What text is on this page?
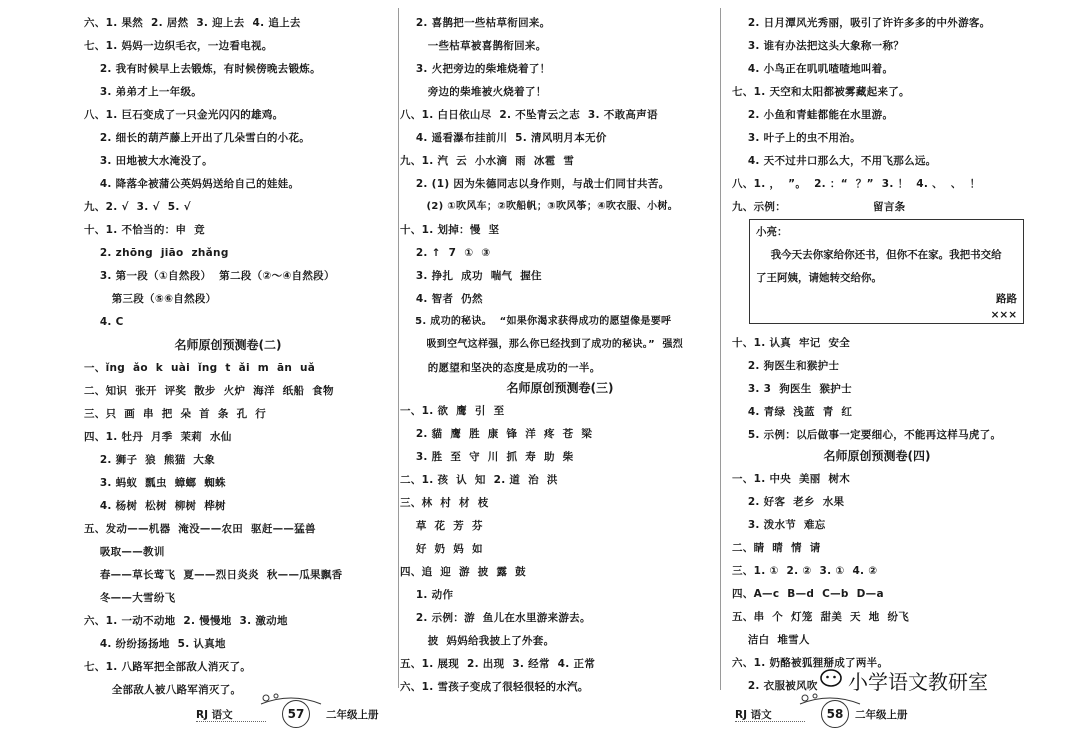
六、1. 果然  2. 居然  3. 迎上去  4. 追上去
七、1. 妈妈一边织毛衣，一边看电视。
2. 我有时候早上去锻炼，有时候傍晚去锻炼。
3. 弟弟才上一年级。
八、1. 巨石变成了一只金光闪闪的雄鸡。
2. 细长的葫芦藤上开出了几朵雪白的小花。
3. 田地被大水淹没了。
4. 降落伞被蒲公英妈妈送给自己的娃娃。
九、2. √  3. √  5. √
十、1. 不恰当的：申  竞
2. zhōng  jiāo  zhǎng
3. 第一段（①自然段）  第二段（②～④自然段）
第三段（⑤⑥自然段）
4. C
名师原创预测卷(二)
一、ǐng  ǎo  k  uài  ǐng  t  ǎi  m  ān  uǎ
二、知识  张开  评奖  散步  火炉  海洋  纸船  食物
三、只  画  串  把  朵  首  条  孔  行
四、1. 牡丹  月季  茉莉  水仙
2. 狮子  狼  熊猫  大象
3. 蚂蚁  瓢虫  蟑螂  蜘蛛
4. 杨树  松树  柳树  桦树
五、发动——机器  淹没——农田  驱赶——猛兽
吸取——教训
春——草长莺飞  夏——烈日炎炎  秋——瓜果飘香
冬——大雪纷飞
六、1. 一动不动地  2. 慢慢地  3. 激动地
4. 纷纷扬扬地  5. 认真地
七、1. 八路军把全部敌人消灭了。
全部敌人被八路军消灭了。
2. 喜鹊把一些枯草衔回来。
一些枯草被喜鹊衔回来。
3. 火把旁边的柴堆烧着了！
旁边的柴堆被火烧着了！
八、1. 白日依山尽  2. 不坠青云之志  3. 不敢高声语
4. 遥看瀑布挂前川  5. 清风明月本无价
九、1. 汽  云  小水滴  雨  冰雹  雪
2. (1) 因为朱德同志以身作则，与战士们同甘共苦。
(2) ①吹风车；②吹船帆；③吹风筝；④吹衣服、小树。
十、1. 划掉：慢  坚
2. ↑  7  ①  ③
3. 挣扎  成功  喘气  握住
4. 智者  仍然
5. 成功的秘诀。  “如果你渴求获得成功的愿望像是要呼
吸到空气这样强，那么你已经找到了成功的秘诀。”  强烈
的愿望和坚决的态度是成功的一半。
名师原创预测卷(三)
一、1. 欲  鹰  引  至
2. 貓  鹰  胜  康  锋  洋  疼  苍  梁
3. 胜  至  守  川  抓  寿  助  柴
二、1. 孩  认  知  2. 道  治  洪
三、林  村  材  枝
草  花  芳  芬
好  奶  妈  如
四、追  迎  游  披  露  鼓
1. 动作
2. 示例：游  鱼儿在水里游来游去。
披  妈妈给我披上了外套。
五、1. 展现  2. 出现  3. 经常  4. 正常
六、1. 雪孩子变成了很轻很轻的水汽。
2. 日月潭风光秀丽，吸引了许许多多的中外游客。
3. 谁有办法把这头大象称一称？
4. 小鸟正在叽叽喳喳地叫着。
七、1. 天空和太阳都被雾藏起来了。
2. 小鱼和青蛙都能在水里游。
3. 叶子上的虫不用治。
4. 天不过井口那么大，不用飞那么远。
八、1. ，  ”。  2. ：“  ？”  3. ！  4. 、  、  ！
九、示例：                      留言条
十、1. 认真  牢记  安全
2. 狗医生和猴护士
3. 3  狗医生  猴护士
4. 青绿  浅蓝  青  红
5. 示例：以后做事一定要细心，不能再这样马虎了。
名师原创预测卷(四)
一、1. 中央  美丽  树木
2. 好客  老乡  水果
3. 泼水节  难忘
二、睛  晴  情  请
三、1. ①  2. ②  3. ①  4. ②
四、A—c  B—d  C—b  D—a
五、串  个  灯笼  甜美  天  地  纷飞
洁白  堆雪人
六、1. 奶酪被狐狸掰成了两半。
2. 衣服被风吹
小亮：
我今天去你家给你还书，但你不在家。我把书交给
了王阿姨，请她转交给你。
路路
×××
RJ 语文	57	二年级上册	RJ 语文	58	二年级上册
小学语文教研室
